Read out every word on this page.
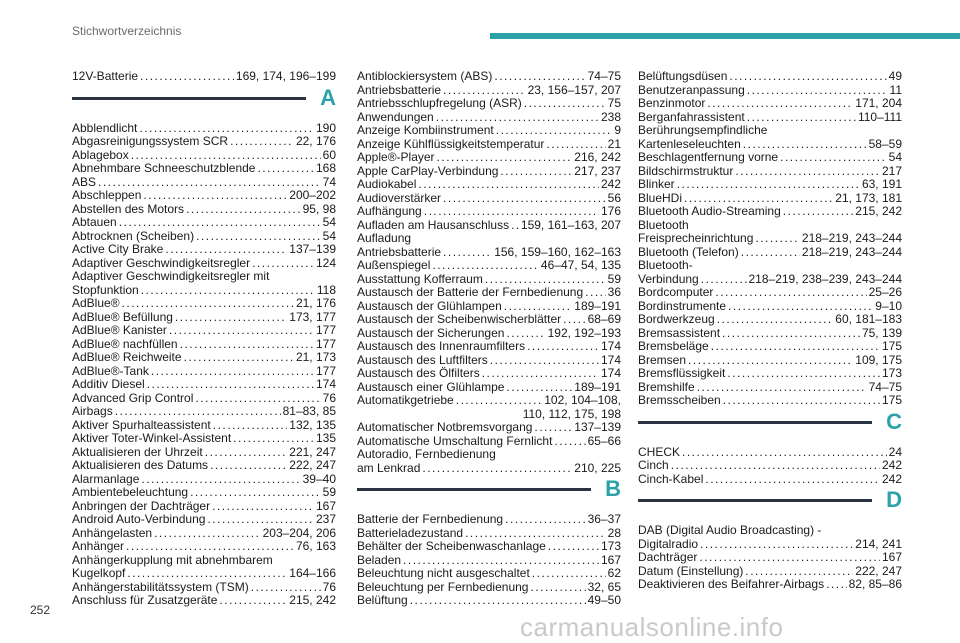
Stichwortverzeichnis
12V-Batterie .....	169, 174, 196–199
A
Abblendlicht .....	190
Abgasreinigungssystem SCR .....	22, 176
Ablagebox .....	60
Abnehmbare Schneeschutzblende .....	168
ABS .....	74
Abschleppen .....	200–202
Abstellen des Motors .....	95, 98
Abtauen .....	54
Abtrocknen (Scheiben) .....	54
Active City Brake .....	137–139
Adaptiver Geschwindigkeitsregler .....	124
Adaptiver Geschwindigkeitsregler mit
Stopfunktion .....	118
AdBlue® .....	21, 176
AdBlue® Befüllung .....	173, 177
AdBlue® Kanister .....	177
AdBlue® nachfüllen .....	177
AdBlue® Reichweite .....	21, 173
AdBlue®-Tank .....	177
Additiv Diesel .....	174
Advanced Grip Control .....	76
Airbags .....	81–83, 85
Aktiver Spurhalteassistent .....	132, 135
Aktiver Toter-Winkel-Assistent .....	135
Aktualisieren der Uhrzeit .....	221, 247
Aktualisieren des Datums .....	222, 247
Alarmanlage .....	39–40
Ambientebeleuchtung .....	59
Anbringen der Dachträger .....	167
Android Auto-Verbindung .....	237
Anhängelasten .....	203–204, 206
Anhänger .....	76, 163
Anhängerkupplung mit abnehmbarem
Kugelkopf .....	164–166
Anhängerstabilitätssystem (TSM) .....	76
Anschluss für Zusatzgeräte .....	215, 242
Antiblockiersystem (ABS) .....	74–75
Antriebsbatterie .....	23, 156–157, 207
Antriebsschlupfregelung (ASR) .....	75
Anwendungen .....	238
Anzeige Kombiinstrument .....	9
Anzeige Kühlflüssigkeitstemperatur .....	21
Apple®-Player .....	216, 242
Apple CarPlay-Verbindung .....	217, 237
Audiokabel .....	242
Audioverstärker .....	56
Aufhängung .....	176
Aufladen am Hausanschluss ..... 159, 161–163, 207
Aufladung
Antriebsbatterie .....	156, 159–160, 162–163
Außenspiegel .....	46–47, 54, 135
Ausstattung Kofferraum .....	59
Austausch der Batterie der Fernbedienung ..... 36
Austausch der Glühlampen .....	189–191
Austausch der Scheibenwischerblätter ..... 68–69
Austausch der Sicherungen .....	192, 192–193
Austausch des Innenraumfilters .....	174
Austausch des Luftfilters .....	174
Austausch des Ölfilters .....	174
Austausch einer Glühlampe .....	189–191
Automatikgetriebe .....	102, 104–108,
110, 112, 175, 198
Automatischer Notbremsvorgang .....	137–139
Automatische Umschaltung Fernlicht .....	65–66
Autoradio, Fernbedienung
am Lenkrad .....	210, 225
B
Batterie der Fernbedienung .....	36–37
Batterieladezustand .....	28
Behälter der Scheibenwaschanlage .....	173
Beladen .....	167
Beleuchtung nicht ausgeschaltet .....	62
Beleuchtung per Fernbedienung .....	32, 65
Belüftung .....	49–50
Belüftungsdüsen .....	49
Benutzeranpassung .....	11
Benzinmotor .....	171, 204
Berganfahrassistent .....	110–111
Berührungsempfindliche
Kartenleseleuchten .....	58–59
Beschlagentfernung vorne .....	54
Bildschirmstruktur .....	217
Blinker .....	63, 191
BlueHDi .....	21, 173, 181
Bluetooth Audio-Streaming .....	215, 242
Bluetooth
Freisprecheinrichtung .....	218–219, 243–244
Bluetooth (Telefon) .....	218–219, 243–244
Bluetooth-
Verbindung .....	218–219, 238–239, 243–244
Bordcomputer .....	25–26
Bordinstrumente .....	9–10
Bordwerkzeug .....	60, 181–183
Bremsassistent .....	75, 139
Bremsbeläge .....	175
Bremsen .....	109, 175
Bremsflüssigkeit .....	173
Bremshilfe .....	74–75
Bremsscheiben .....	175
C
CHECK .....	24
Cinch .....	242
Cinch-Kabel .....	242
D
DAB (Digital Audio Broadcasting) -
Digitalradio .....	214, 241
Dachträger .....	167
Datum (Einstellung) .....	222, 247
Deaktivieren des Beifahrer-Airbags ..... 82, 85–86
252
carmanualsonline.info
